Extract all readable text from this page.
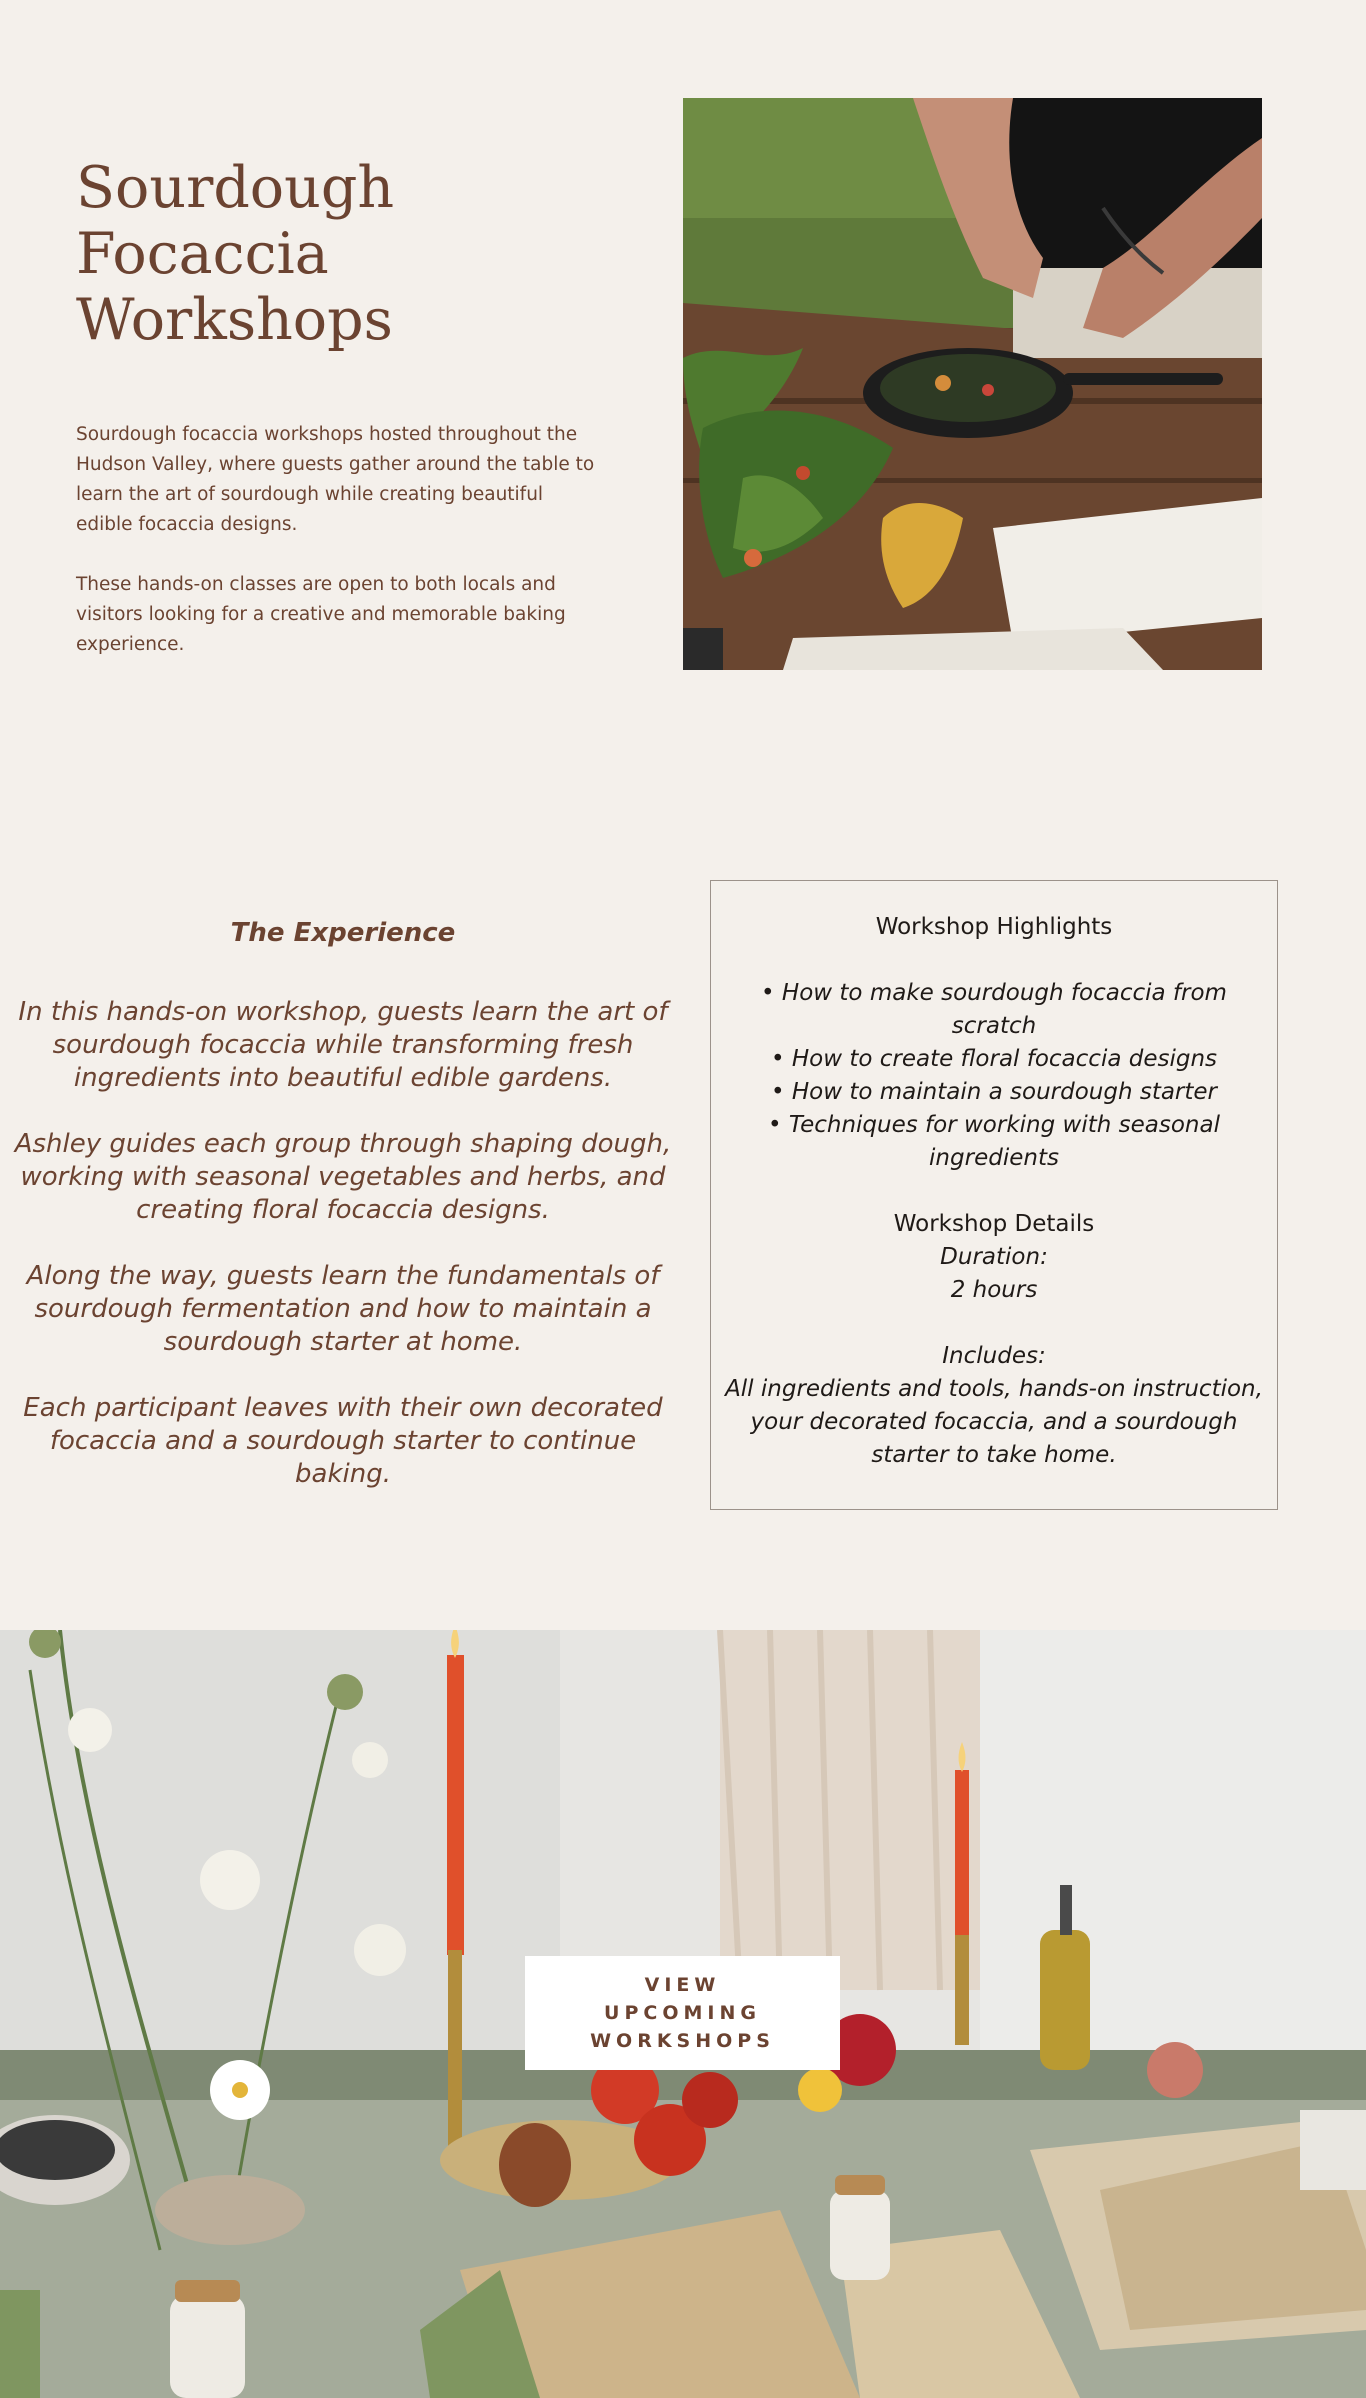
Sourdough
Focaccia
Workshops

Sourdough focaccia workshops hosted throughout the Hudson Valley, where guests gather around the table to learn the art of sourdough while creating beautiful edible focaccia designs.

These hands-on classes are open to both locals and visitors looking for a creative and memorable baking experience.

The Experience

In this hands-on workshop, guests learn the art of sourdough focaccia while transforming fresh ingredients into beautiful edible gardens.

Ashley guides each group through shaping dough, working with seasonal vegetables and herbs, and creating floral focaccia designs.

Along the way, guests learn the fundamentals of sourdough fermentation and how to maintain a sourdough starter at home.

Each participant leaves with their own decorated focaccia and a sourdough starter to continue baking.

Workshop Highlights

• How to make sourdough focaccia from scratch
• How to create floral focaccia designs
• How to maintain a sourdough starter
• Techniques for working with seasonal ingredients

Workshop Details

Duration:

2 hours

Includes:

All ingredients and tools, hands-on instruction, your decorated focaccia, and a sourdough starter to take home.

VIEW UPCOMING WORKSHOPS
